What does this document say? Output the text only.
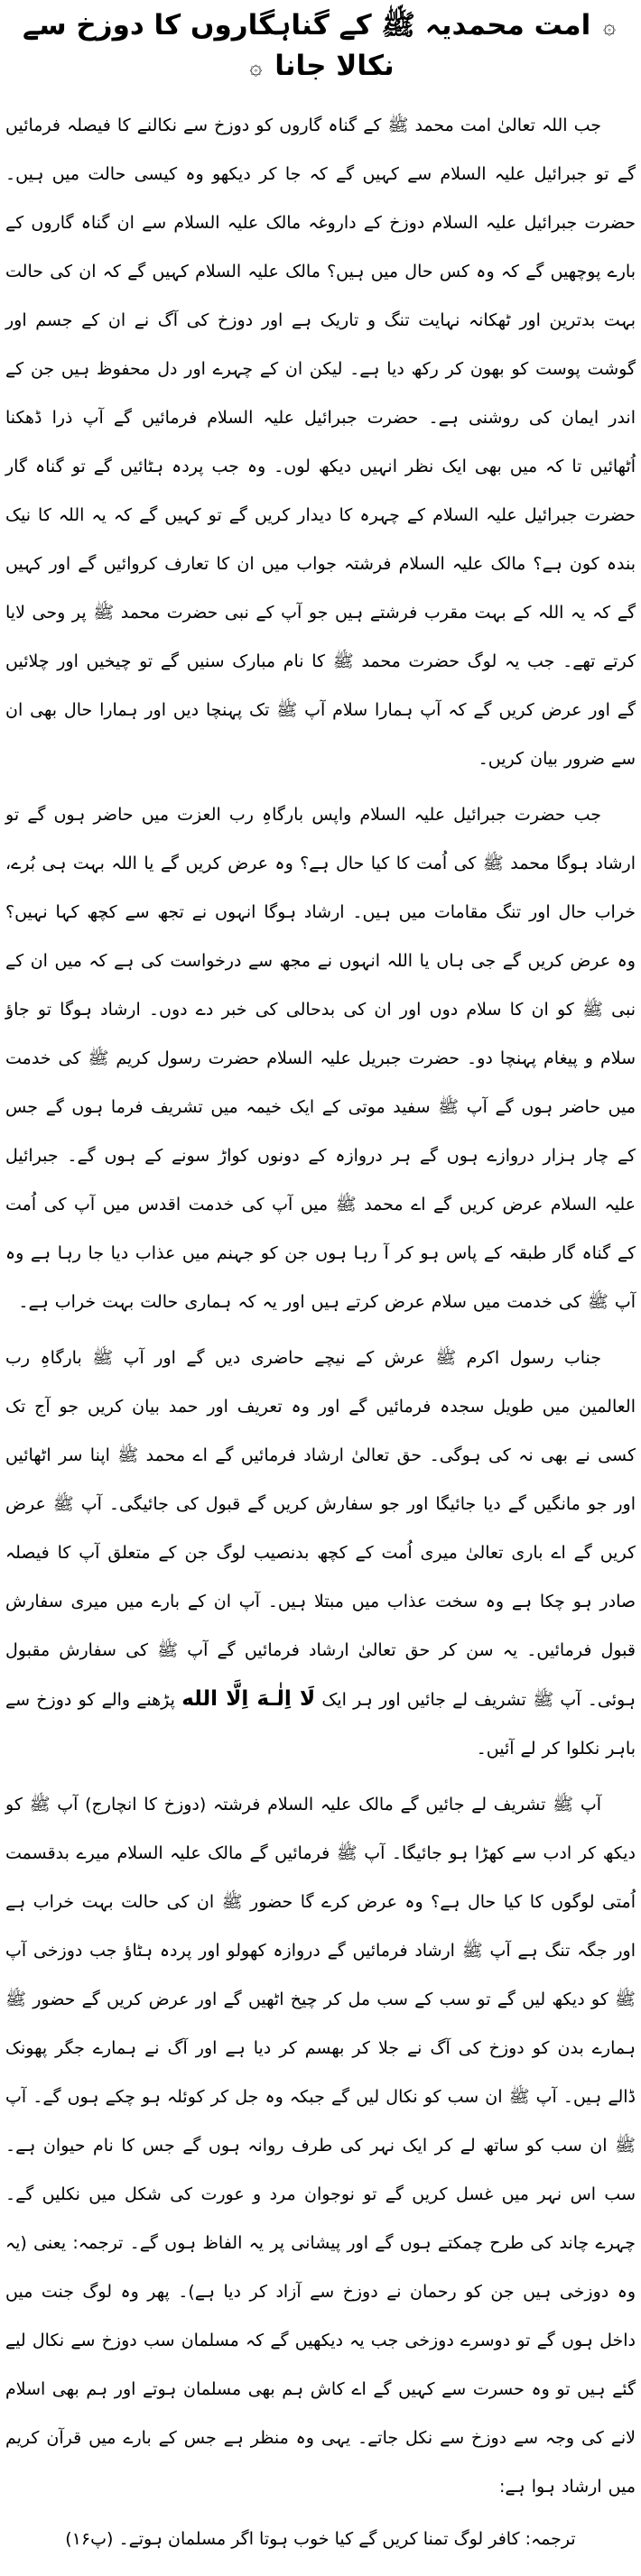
۞ امت محمدیہ ﷺ کے گناہگاروں کا دوزخ سے نکالا جانا ۞

جب اللہ تعالیٰ امت محمد ﷺ کے گناہ گاروں کو دوزخ سے نکالنے کا فیصلہ فرمائیں گے تو جبرائیل علیہ السلام سے کہیں گے کہ جا کر دیکھو وہ کیسی حالت میں ہیں۔ حضرت جبرائیل علیہ السلام دوزخ کے داروغہ مالک علیہ السلام سے ان گناہ گاروں کے بارے پوچھیں گے کہ وہ کس حال میں ہیں؟ مالک علیہ السلام کہیں گے کہ ان کی حالت بہت بدترین اور ٹھکانہ نہایت تنگ و تاریک ہے اور دوزخ کی آگ نے ان کے جسم اور گوشت پوست کو بھون کر رکھ دیا ہے۔ لیکن ان کے چہرے اور دل محفوظ ہیں جن کے اندر ایمان کی روشنی ہے۔ حضرت جبرائیل علیہ السلام فرمائیں گے آپ ذرا ڈھکنا اُٹھائیں تا کہ میں بھی ایک نظر انہیں دیکھ لوں۔ وہ جب پردہ ہٹائیں گے تو گناہ گار حضرت جبرائیل علیہ السلام کے چہرہ کا دیدار کریں گے تو کہیں گے کہ یہ اللہ کا نیک بندہ کون ہے؟ مالک علیہ السلام فرشتہ جواب میں ان کا تعارف کروائیں گے اور کہیں گے کہ یہ اللہ کے بہت مقرب فرشتے ہیں جو آپ کے نبی حضرت محمد ﷺ پر وحی لایا کرتے تھے۔ جب یہ لوگ حضرت محمد ﷺ کا نام مبارک سنیں گے تو چیخیں اور چلائیں گے اور عرض کریں گے کہ آپ ہمارا سلام آپ ﷺ تک پہنچا دیں اور ہمارا حال بھی ان سے ضرور بیان کریں۔

جب حضرت جبرائیل علیہ السلام واپس بارگاہِ رب العزت میں حاضر ہوں گے تو ارشاد ہوگا محمد ﷺ کی اُمت کا کیا حال ہے؟ وہ عرض کریں گے یا اللہ بہت ہی بُرے، خراب حال اور تنگ مقامات میں ہیں۔ ارشاد ہوگا انہوں نے تجھ سے کچھ کہا نہیں؟ وہ عرض کریں گے جی ہاں یا اللہ انہوں نے مجھ سے درخواست کی ہے کہ میں ان کے نبی ﷺ کو ان کا سلام دوں اور ان کی بدحالی کی خبر دے دوں۔ ارشاد ہوگا تو جاؤ سلام و پیغام پہنچا دو۔ حضرت جبریل علیہ السلام حضرت رسول کریم ﷺ کی خدمت میں حاضر ہوں گے آپ ﷺ سفید موتی کے ایک خیمہ میں تشریف فرما ہوں گے جس کے چار ہزار دروازے ہوں گے ہر دروازہ کے دونوں کواڑ سونے کے ہوں گے۔ جبرائیل علیہ السلام عرض کریں گے اے محمد ﷺ میں آپ کی خدمت اقدس میں آپ کی اُمت کے گناہ گار طبقہ کے پاس ہو کر آ رہا ہوں جن کو جہنم میں عذاب دیا جا رہا ہے وہ آپ ﷺ کی خدمت میں سلام عرض کرتے ہیں اور یہ کہ ہماری حالت بہت خراب ہے۔

جناب رسول اکرم ﷺ عرش کے نیچے حاضری دیں گے اور آپ ﷺ بارگاہِ رب العالمین میں طویل سجدہ فرمائیں گے اور وہ تعریف اور حمد بیان کریں جو آج تک کسی نے بھی نہ کی ہوگی۔ حق تعالیٰ ارشاد فرمائیں گے اے محمد ﷺ اپنا سر اٹھائیں اور جو مانگیں گے دیا جائیگا اور جو سفارش کریں گے قبول کی جائیگی۔ آپ ﷺ عرض کریں گے اے باری تعالیٰ میری اُمت کے کچھ بدنصیب لوگ جن کے متعلق آپ کا فیصلہ صادر ہو چکا ہے وہ سخت عذاب میں مبتلا ہیں۔ آپ ان کے بارے میں میری سفارش قبول فرمائیں۔ یہ سن کر حق تعالیٰ ارشاد فرمائیں گے آپ ﷺ کی سفارش مقبول ہوئی۔ آپ ﷺ تشریف لے جائیں اور ہر ایک لَا اِلٰـهَ اِلَّا الله پڑھنے والے کو دوزخ سے باہر نکلوا کر لے آئیں۔

آپ ﷺ تشریف لے جائیں گے مالک علیہ السلام فرشتہ (دوزخ کا انچارج) آپ ﷺ کو دیکھ کر ادب سے کھڑا ہو جائیگا۔ آپ ﷺ فرمائیں گے مالک علیہ السلام میرے بدقسمت اُمتی لوگوں کا کیا حال ہے؟ وہ عرض کرے گا حضور ﷺ ان کی حالت بہت خراب ہے اور جگہ تنگ ہے آپ ﷺ ارشاد فرمائیں گے دروازہ کھولو اور پردہ ہٹاؤ جب دوزخی آپ ﷺ کو دیکھ لیں گے تو سب کے سب مل کر چیخ اٹھیں گے اور عرض کریں گے حضور ﷺ ہمارے بدن کو دوزخ کی آگ نے جلا کر بھسم کر دیا ہے اور آگ نے ہمارے جگر پھونک ڈالے ہیں۔ آپ ﷺ ان سب کو نکال لیں گے جبکہ وہ جل کر کوئلہ ہو چکے ہوں گے۔ آپ ﷺ ان سب کو ساتھ لے کر ایک نہر کی طرف روانہ ہوں گے جس کا نام حیوان ہے۔ سب اس نہر میں غسل کریں گے تو نوجوان مرد و عورت کی شکل میں نکلیں گے۔ چہرے چاند کی طرح چمکتے ہوں گے اور پیشانی پر یہ الفاظ ہوں گے۔ ترجمہ: یعنی (یہ وہ دوزخی ہیں جن کو رحمان نے دوزخ سے آزاد کر دیا ہے)۔ پھر وہ لوگ جنت میں داخل ہوں گے تو دوسرے دوزخی جب یہ دیکھیں گے کہ مسلمان سب دوزخ سے نکال لیے گئے ہیں تو وہ حسرت سے کہیں گے اے کاش ہم بھی مسلمان ہوتے اور ہم بھی اسلام لانے کی وجہ سے دوزخ سے نکل جاتے۔ یہی وہ منظر ہے جس کے بارے میں قرآن کریم میں ارشاد ہوا ہے:

ترجمہ: کافر لوگ تمنا کریں گے کیا خوب ہوتا اگر مسلمان ہوتے۔ (پ۱۶)
